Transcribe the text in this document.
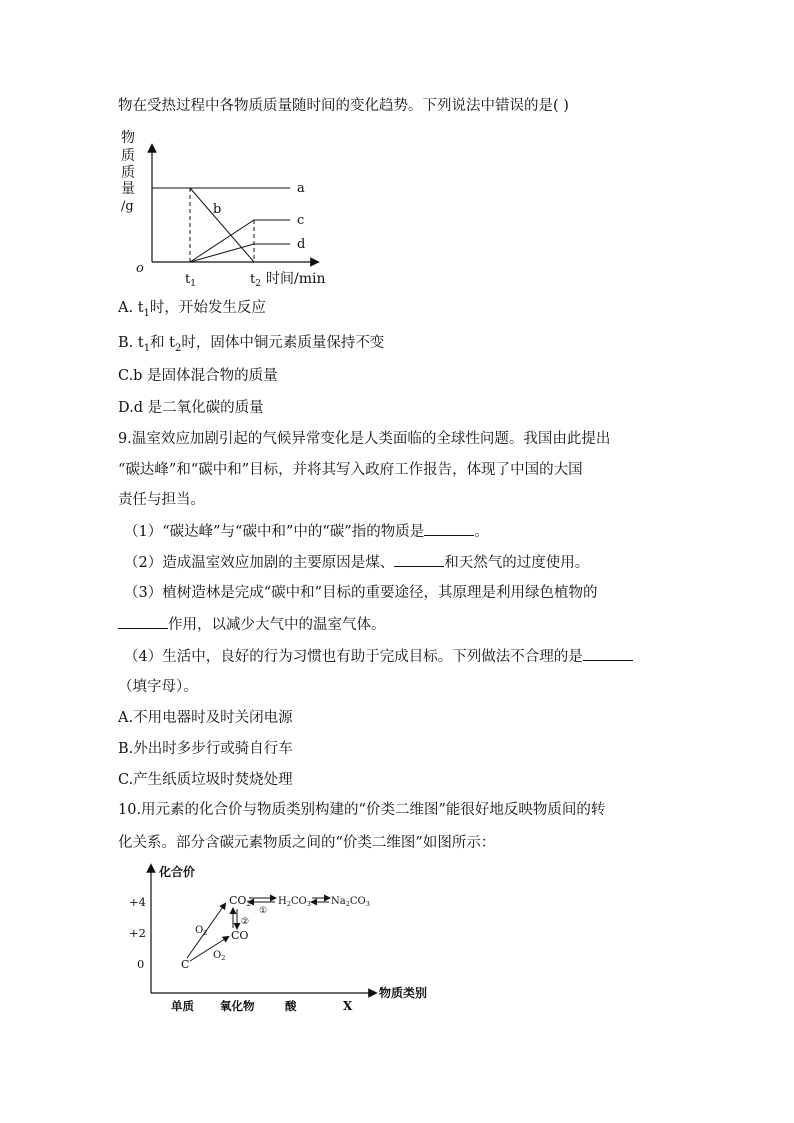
物在受热过程中各物质质量随时间的变化趋势。下列说法中错误的是( )
物
质
质
量
/g
o
a
b
c
d
$t_1$	$t_2$ 时间/min
A. $t_1$时，开始发生反应
B. $t_1$和 $t_2$时，固体中铜元素质量保持不变
C.b 是固体混合物的质量
D.d 是二氧化碳的质量
9.温室效应加剧引起的气候异常变化是人类面临的全球性问题。我国由此提出
“碳达峰”和“碳中和”目标，并将其写入政府工作报告，体现了中国的大国
责任与担当。
（1）“碳达峰”与“碳中和”中的“碳”指的物质是	。
（2）造成温室效应加剧的主要原因是煤、	和天然气的过度使用。
（3）植树造林是完成“碳中和”目标的重要途径，其原理是利用绿色植物的
作用，以减少大气中的温室气体。
（4）生活中，良好的行为习惯也有助于完成目标。下列做法不合理的是
（填字母）。
A.不用电器时及时关闭电源
B.外出时多步行或骑自行车
C.产生纸质垃圾时焚烧处理
10.用元素的化合价与物质类别构建的“价类二维图”能很好地反映物质间的转
化关系。部分含碳元素物质之间的“价类二维图”如图所示：
化合价
物质类别
+4
+2
0
单质 氧化物	酸	X
C
CO
CO2	$H_2CO_3$ $Na_2CO_3$
$O_2$
$O_2$
②
①
